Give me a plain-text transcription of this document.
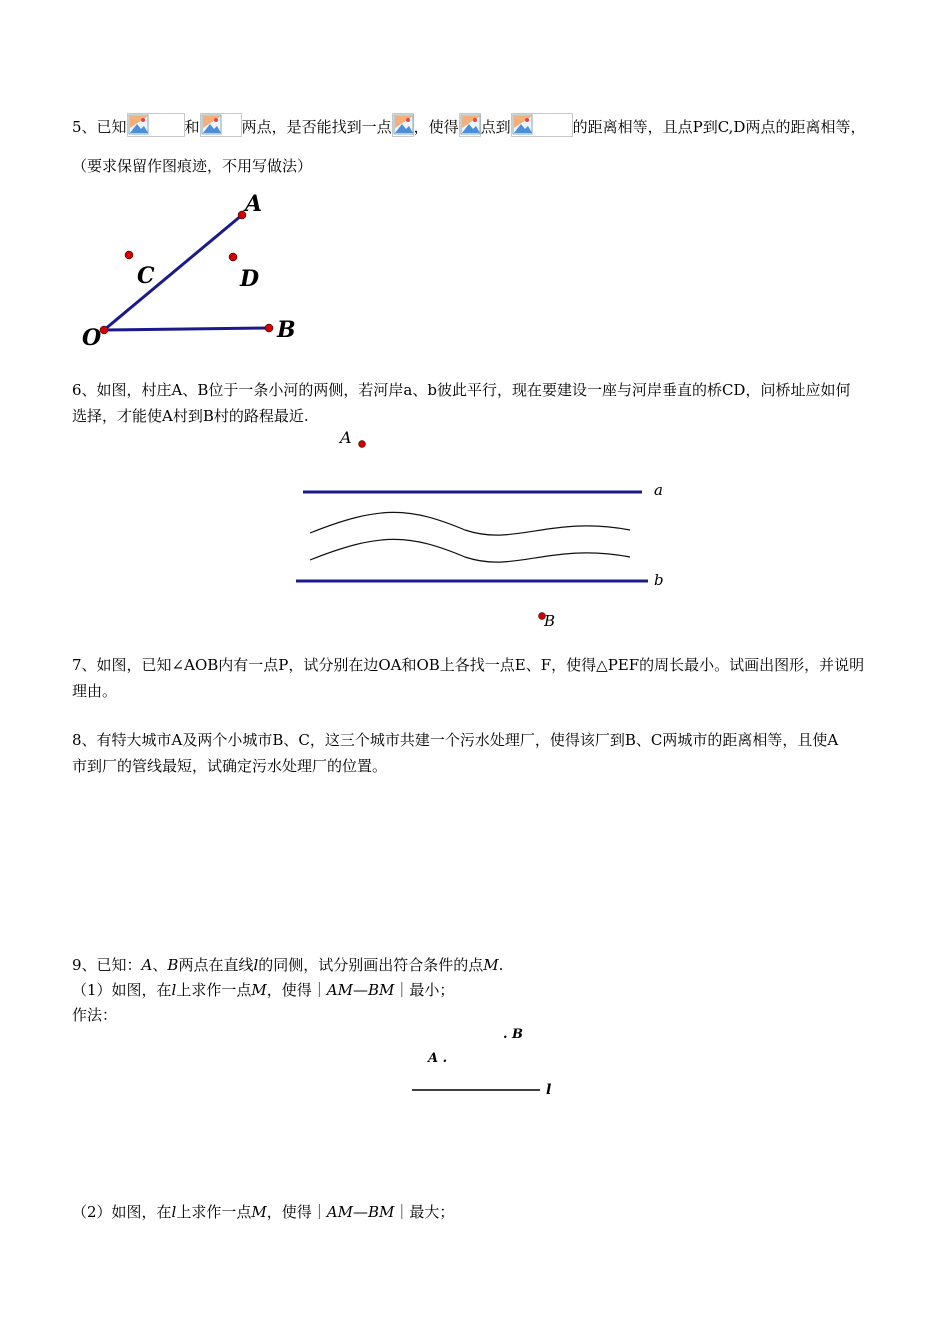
5、已知	和	两点，是否能找到一点 ，使得 点到	的距离相等，且点P到C,D两点的距离相等，
（要求保留作图痕迹，不用写做法）
A
B
C	D
O
6、如图，村庄A、B位于一条小河的两侧，若河岸a、b彼此平行，现在要建设一座与河岸垂直的桥CD，问桥址应如何
选择，才能使A村到B村的路程最近.
A
a
b
B
7、如图，已知∠AOB内有一点P，试分别在边OA和OB上各找一点E、F，使得△PEF的周长最小。试画出图形，并说明
理由。
8、有特大城市A及两个小城市B、C，这三个城市共建一个污水处理厂，使得该厂到B、C两城市的距离相等，且使A
市到厂的管线最短，试确定污水处理厂的位置。
9、已知：A、B两点在直线l的同侧，试分别画出符合条件的点M.
（1）如图，在l上求作一点M，使得｜AM—BM｜最小；
作法：
. B
A .
l
（2）如图，在l上求作一点M，使得｜AM—BM｜最大；
